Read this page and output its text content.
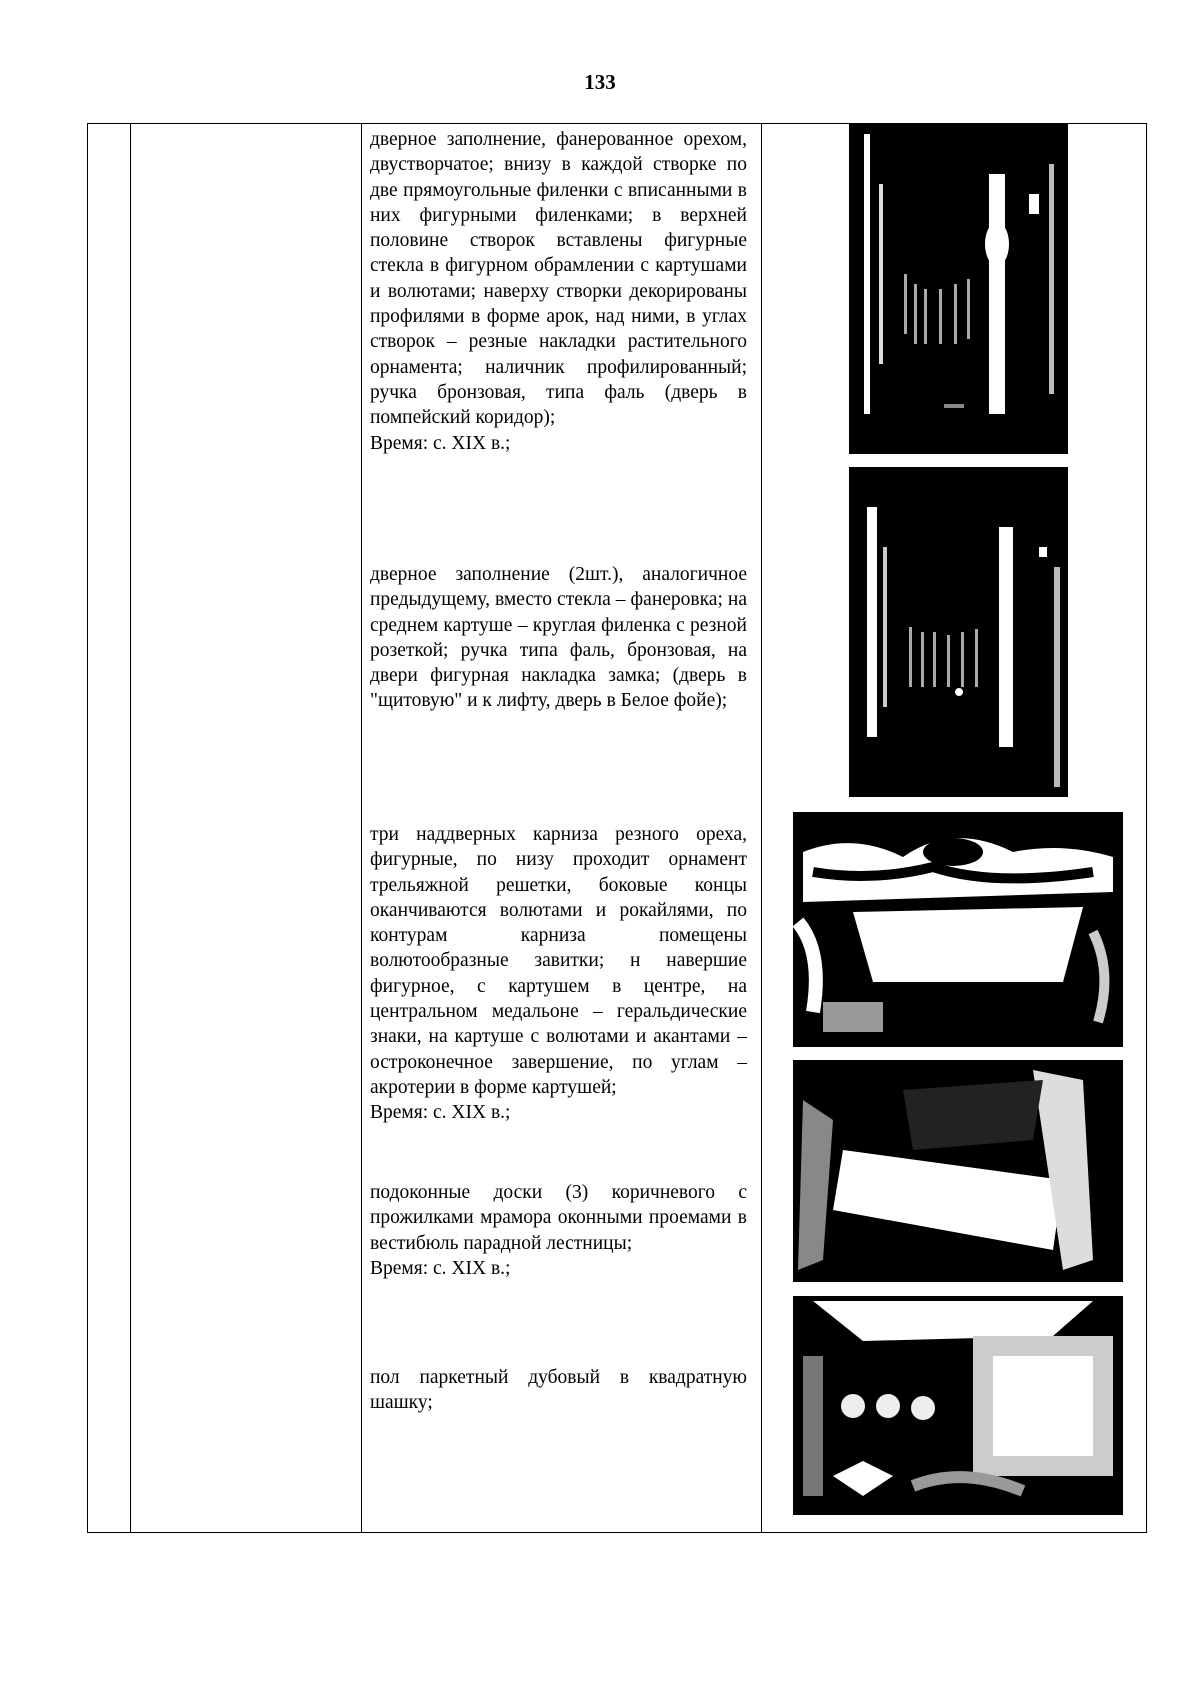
133

дверное заполнение, фанерованное орехом, двустворчатое; внизу в каждой створке по две прямоугольные филенки с вписанными в них фигурными филенками; в верхней половине створок вставлены фигурные стекла в фигурном обрамлении с картушами и волютами; наверху створки декорированы профилями в форме арок, над ними, в углах створок – резные накладки растительного орнамента; наличник профилированный; ручка бронзовая, типа фаль (дверь в помпейский коридор);

Время: с. XIX в.;

дверное заполнение (2шт.), аналогичное предыдущему, вместо стекла – фанеровка; на среднем картуше – круглая филенка с резной розеткой; ручка типа фаль, бронзовая, на двери фигурная накладка замка; (дверь в "щитовую" и к лифту, дверь в Белое фойе);

три наддверных карниза резного ореха, фигурные, по низу проходит орнамент трельяжной решетки, боковые концы оканчиваются волютами и рокайлями, по контурам карниза помещены волютообразные завитки; н навершие фигурное, с картушем в центре, на центральном медальоне – геральдические знаки, на картуше с волютами и акантами – остроконечное завершение, по углам – акротерии в форме картушей;

Время: с. XIX в.;

подоконные доски (3) коричневого с прожилками мрамора оконными проемами в вестибюль парадной лестницы;

Время: с. XIX в.;

пол паркетный дубовый в квадратную шашку;
